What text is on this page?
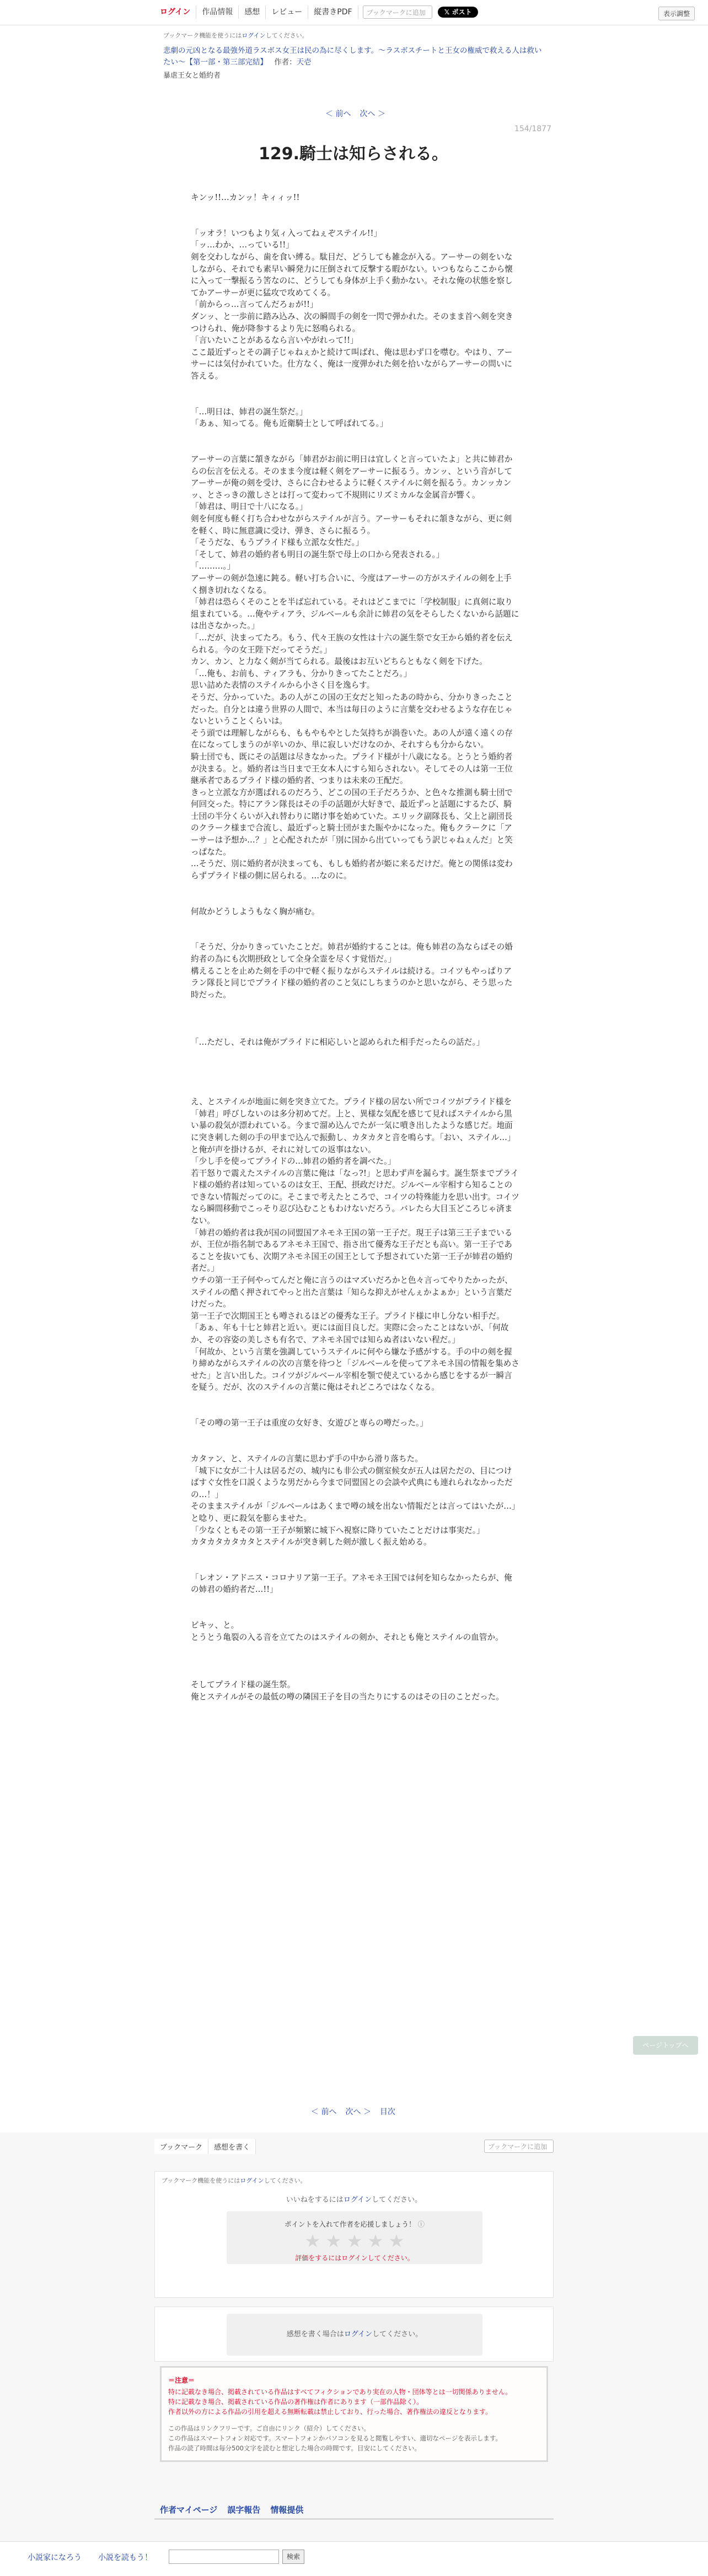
ログイン	作品情報	感想	レビュー	縦書きPDF	ブックマークに追加	𝕏 ポスト	表示調整
ブックマーク機能を使うにはログインしてください。
悲劇の元凶となる最強外道ラスボス女王は民の為に尽くします。〜ラスボスチートと王女の権威で救える人は救いたい〜【第一部・第三部完結】 作者：天壱
暴虐王女と婚約者
＜ 前へ 次へ ＞
154/1877
129.騎士は知らされる。

キンッ!!…カンッ！キィィッ!!

「ッオラ！いつもより気ィ入ってねぇぞステイル!!」

「ッ…わか、…っている!!」

剣を交わしながら、歯を食い縛る。駄目だ、どうしても雑念が入る。アーサーの剣をいなしながら、それでも素早い瞬発力に圧倒されて反撃する暇がない。いつもならここから懐に入って一撃振るう筈なのに、どうしても身体が上手く動かない。それな俺の状態を察してかアーサーが更に猛攻で攻めてくる。

「前からっ…言ってんだろぉが!!」

ダンッ、と一歩前に踏み込み、次の瞬間手の剣を一閃で弾かれた。そのまま首へ剣を突きつけられ、俺が降参するより先に怒鳴られる。

「言いたいことがあるなら言いやがれって!!」

ここ最近ずっとその調子じゃねぇかと続けて叫ばれ、俺は思わず口を噤む。やはり、アーサーには気付かれていた。仕方なく、俺は一度弾かれた剣を拾いながらアーサーの問いに答える。

「…明日は、姉君の誕生祭だ。」

「あぁ、知ってる。俺も近衛騎士として呼ばれてる。」

アーサーの言葉に頷きながら「姉君がお前に明日は宜しくと言っていたよ」と共に姉君からの伝言を伝える。そのまま今度は軽く剣をアーサーに振るう。カンッ、という音がしてアーサーが俺の剣を受け、さらに合わせるように軽くステイルに剣を振るう。カンッカンッ、とさっきの激しさとは打って変わって不規則にリズミカルな金属音が響く。

「姉君は、明日で十八になる。」

剣を何度も軽く打ち合わせながらステイルが言う。アーサーもそれに頷きながら、更に剣を軽く、時に無意識に受け、弾き、さらに振るう。

「そうだな、もうプライド様も立派な女性だ。」

「そして、姉君の婚約者も明日の誕生祭で母上の口から発表される。」

「………。」

アーサーの剣が急速に鈍る。軽い打ち合いに、今度はアーサーの方がステイルの剣を上手く捌き切れなくなる。

「姉君は恐らくそのことを半ば忘れている。それはどこまでに「学校制服」に真剣に取り組まれている。…俺やティアラ、ジルベールも余計に姉君の気をそらしたくないから話題には出さなかった。」

「…だが、決まってたろ。もう、代々王族の女性は十六の誕生祭で女王から婚約者を伝えられる。今の女王陛下だってそうだ。」

カン、カン、と力なく剣が当てられる。最後はお互いどちらともなく剣を下げた。

「…俺も、お前も、ティアラも、分かりきってたことだろ。」

思い詰めた表情のステイルから小さく目を逸らす。

そうだ、分かっていた。あの人がこの国の王女だと知ったあの時から、分かりきったことだった。自分とは違う世界の人間で、本当は毎日のように言葉を交わせるような存在じゃないということくらいは。

そう頭では理解しながらも、ももやもやとした気持ちが渦巻いた。あの人が遠く遠くの存在になってしまうのが辛いのか、単に寂しいだけなのか、それすらも分からない。

騎士団でも、既にその話題は尽きなかった。プライド様が十八歳になる。とうとう婚約者が決まる。と。婚約者は当日まで王女本人にすら知らされない。そしてその人は第一王位継承者であるプライド様の婚約者、つまりは未来の王配だ。

きっと立派な方が選ばれるのだろう、どこの国の王子だろうか、と色々な推測も騎士団で何回交った。特にアラン隊長はその手の話題が大好きで、最近ずっと話題にするたび、騎士団の半分くらいが入れ替わりに賭け事を始めていた。エリック副隊長も、父上と副団長のクラーク様まで合流し、最近ずっと騎士団がまた賑やかになった。俺もクラークに「アーサーは予想か…？」と心配されたが「別に国から出ていってもう訳じゃねぇんだ」と笑っぱなた。

…そうだ、別に婚約者が決まっても、もしも婚約者が姫に来るだけだ。俺との関係は変わらずプライド様の側に居られる。…なのに。

何故かどうしようもなく胸が痛む。

「そうだ、分かりきっていたことだ。姉君が婚約することは。俺も姉君の為ならばその婚約者の為にも次期摂政として全身全霊を尽くす覚悟だ。」

構えることを止めた剣を手の中で軽く振りながらステイルは続ける。コイツもやっぱりアラン隊長と同じでプライド様の婚約者のこと気にしちまうのかと思いながら、そう思った時だった。

「…ただし、それは俺がプライドに相応しいと認められた相手だったらの話だ。」

え、とステイルが地面に剣を突き立てた。プライド様の居ない所でコイツがプライド様を「姉君」呼びしないのは多分初めてだ。上と、異様な気配を感じて見ればステイルから黒い暴の殺気が漂われている。今まで溜め込んでたが一気に噴き出したような感じだ。地面に突き刺した剣の手の甲まで込んで振動し、カタカタと音を鳴らす。「おい、ステイル…」と俺が声を掛けるが、それに対しての返事はない。

「少し手を使ってプライドの…姉君の婚約者を調べた。」

若干怒りで震えたステイルの言葉に俺は「なっ?!」と思わず声を漏らす。誕生祭までプライド様の婚約者は知っているのは女王、王配、摂政だけだ。ジルベール宰相すら知ることのできない情報だってのに。そこまで考えたところで、コイツの特殊能力を思い出す。コイツなら瞬間移動でこっそり忍び込むこともわけないだろう。バレたら大目玉どころじゃ済まない。

「姉君の婚約者は我が国の同盟国アネモネ王国の第一王子だ。現王子は第三王子までいるが、王位が指名制であるアネモネ王国で、指さ出て優秀な王子だとも高い。第一王子であることを抜いても、次期アネモネ国王の国王として予想されていた第一王子が姉君の婚約者だ。」

ウチの第一王子何やってんだと俺に言うのはマズいだろかと色々言ってやりたかったが、ステイルの酷く押されてやっと出た言葉は「知らな抑えがせんぇかよぁか」という言葉だけだった。

第一王子で次期国王とも噂されるほどの優秀な王子。プライド様に申し分ない相手だ。

「あぁ、年も十七と姉君と近い。更には面目良しだ。実際に会ったことはないが、「何故か、その容姿の美しさも有名で、アネモネ国では知らぬ者はいない程だ。」

「何故か、という言葉を強調していうステイルに何やら嫌な予感がする。手の中の剣を握り締めながらステイルの次の言葉を待つと「ジルベールを使ってアネモネ国の情報を集めさせた」と言い出した。コイツがジルベール宰相を顎で使えているから感じをするが一瞬言を疑う。だが、次のステイルの言葉に俺はそれどころではなくなる。

「その噂の第一王子は重度の女好き、女遊びと専らの噂だった。」

カタァン、と、ステイルの言葉に思わず手の中から滑り落ちた。

「城下に女が二十人は居るだの、城内にも非公式の側室候女が五人は居ただの、目につけばすぐ女性を口説くような男だから今まで同盟国との会談や式典にも連れられなかっただの…！」

そのままステイルが「ジルベールはあくまで噂の域を出ない情報だとは言ってはいたが…」と唸り、更に殺気を膨らませた。

「少なくともその第一王子が頻繁に城下へ視察に降りていたことだけは事実だ。」

カタカタカタカタとステイルが突き刺した剣が激しく振え始める。

「レオン・アドニス・コロナリア第一王子。アネモネ王国では何を知らなかったらが、俺の姉君の婚約者だ…!!」

ビキッ、と。

とうとう亀裂の入る音を立てたのはステイルの剣か、それとも俺とステイルの血管か。

そしてプライド様の誕生祭。

俺とステイルがその最低の噂の隣国王子を目の当たりにするのはその日のことだった。

＜ 前へ 次へ ＞ 目次
ページトップへ
ブックマーク	感想を書く	ブックマークに追加
ブックマーク機能を使うにはログインしてください。
いいねをするにはログインしてください。
ポイントを入れて作者を応援しましょう！ ⓘ
★ ★ ★ ★ ★
評価をするにはログインしてください。
感想を書く場合はログインしてください。
＝注意＝
特に記載なき場合、掲載されている作品はすべてフィクションであり実在の人物・団体等とは一切関係ありません。
特に記載なき場合、掲載されている作品の著作権は作者にあります（一部作品除く）。
作者以外の方による作品の引用を超える無断転載は禁止しており、行った場合、著作権法の違反となります。
この作品はリンクフリーです。ご自由にリンク（紹介）してください。
この作品はスマートフォン対応です。スマートフォンかパソコンを見ると閲覧しやすい、適切なページを表示します。
作品の読了時間は毎分500文字を読むと想定した場合の時間です。目安にしてください。
作者マイページ 誤字報告 情報提供
小説家になろう 小説を読もう！	検索
